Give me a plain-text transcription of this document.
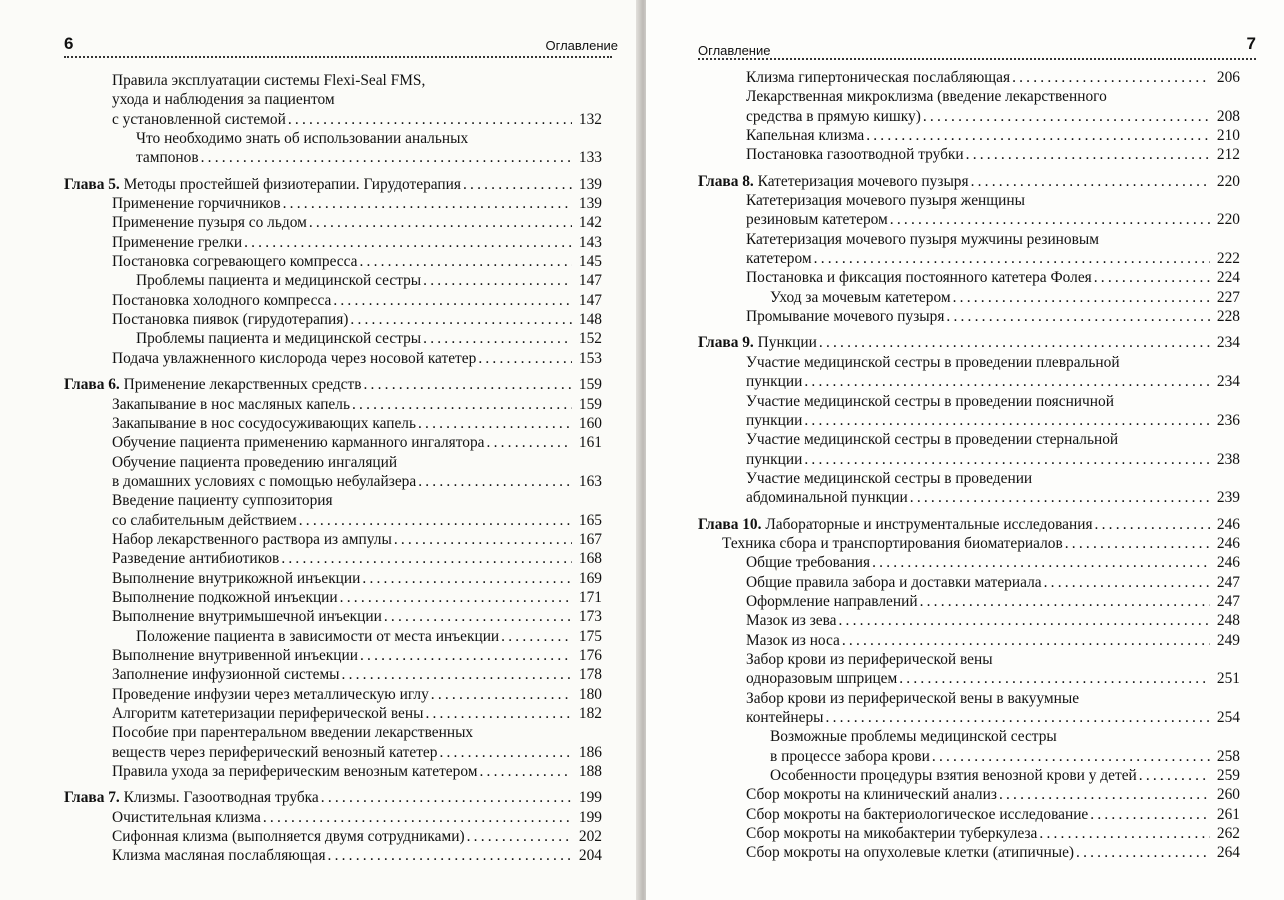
6	Оглавление
Правила эксплуатации системы Flexi-Seal FMS,
ухода и наблюдения за пациентом
с установленной системой .....	132
Что необходимо знать об использовании анальных
тампонов .....	133
Глава 5. Методы простейшей физиотерапии. Гирудотерапия .....	139
Применение горчичников .....	139
Применение пузыря со льдом .....	142
Применение грелки .....	143
Постановка согревающего компресса .....	145
Проблемы пациента и медицинской сестры .....	147
Постановка холодного компресса .....	147
Постановка пиявок (гирудотерапия) .....	148
Проблемы пациента и медицинской сестры .....	152
Подача увлажненного кислорода через носовой катетер .....	153
Глава 6. Применение лекарственных средств .....	159
Закапывание в нос масляных капель .....	159
Закапывание в нос сосудосуживающих капель .....	160
Обучение пациента применению карманного ингалятора .....	161
Обучение пациента проведению ингаляций
в домашних условиях с помощью небулайзера .....	163
Введение пациенту суппозитория
со слабительным действием .....	165
Набор лекарственного раствора из ампулы .....	167
Разведение антибиотиков .....	168
Выполнение внутрикожной инъекции .....	169
Выполнение подкожной инъекции .....	171
Выполнение внутримышечной инъекции .....	173
Положение пациента в зависимости от места инъекции .....	175
Выполнение внутривенной инъекции .....	176
Заполнение инфузионной системы .....	178
Проведение инфузии через металлическую иглу .....	180
Алгоритм катетеризации периферической вены .....	182
Пособие при парентеральном введении лекарственных
веществ через периферический венозный катетер .....	186
Правила ухода за периферическим венозным катетером .....	188
Глава 7. Клизмы. Газоотводная трубка .....	199
Очистительная клизма .....	199
Сифонная клизма (выполняется двумя сотрудниками) .....	202
Клизма масляная послабляющая .....	204
Оглавление	7
Клизма гипертоническая послабляющая .....	206
Лекарственная микроклизма (введение лекарственного
средства в прямую кишку) .....	208
Капельная клизма .....	210
Постановка газоотводной трубки .....	212
Глава 8. Катетеризация мочевого пузыря .....	220
Катетеризация мочевого пузыря женщины
резиновым катетером .....	220
Катетеризация мочевого пузыря мужчины резиновым
катетером .....	222
Постановка и фиксация постоянного катетера Фолея .....	224
Уход за мочевым катетером .....	227
Промывание мочевого пузыря .....	228
Глава 9. Пункции .....	234
Участие медицинской сестры в проведении плевральной
пункции .....	234
Участие медицинской сестры в проведении поясничной
пункции .....	236
Участие медицинской сестры в проведении стернальной
пункции .....	238
Участие медицинской сестры в проведении
абдоминальной пункции .....	239
Глава 10. Лабораторные и инструментальные исследования .....	246
Техника сбора и транспортирования биоматериалов .....	246
Общие требования .....	246
Общие правила забора и доставки материала .....	247
Оформление направлений .....	247
Мазок из зева .....	248
Мазок из носа .....	249
Забор крови из периферической вены
одноразовым шприцем .....	251
Забор крови из периферической вены в вакуумные
контейнеры .....	254
Возможные проблемы медицинской сестры
в процессе забора крови .....	258
Особенности процедуры взятия венозной крови у детей .....	259
Сбор мокроты на клинический анализ .....	260
Сбор мокроты на бактериологическое исследование .....	261
Сбор мокроты на микобактерии туберкулеза .....	262
Сбор мокроты на опухолевые клетки (атипичные) .....	264
